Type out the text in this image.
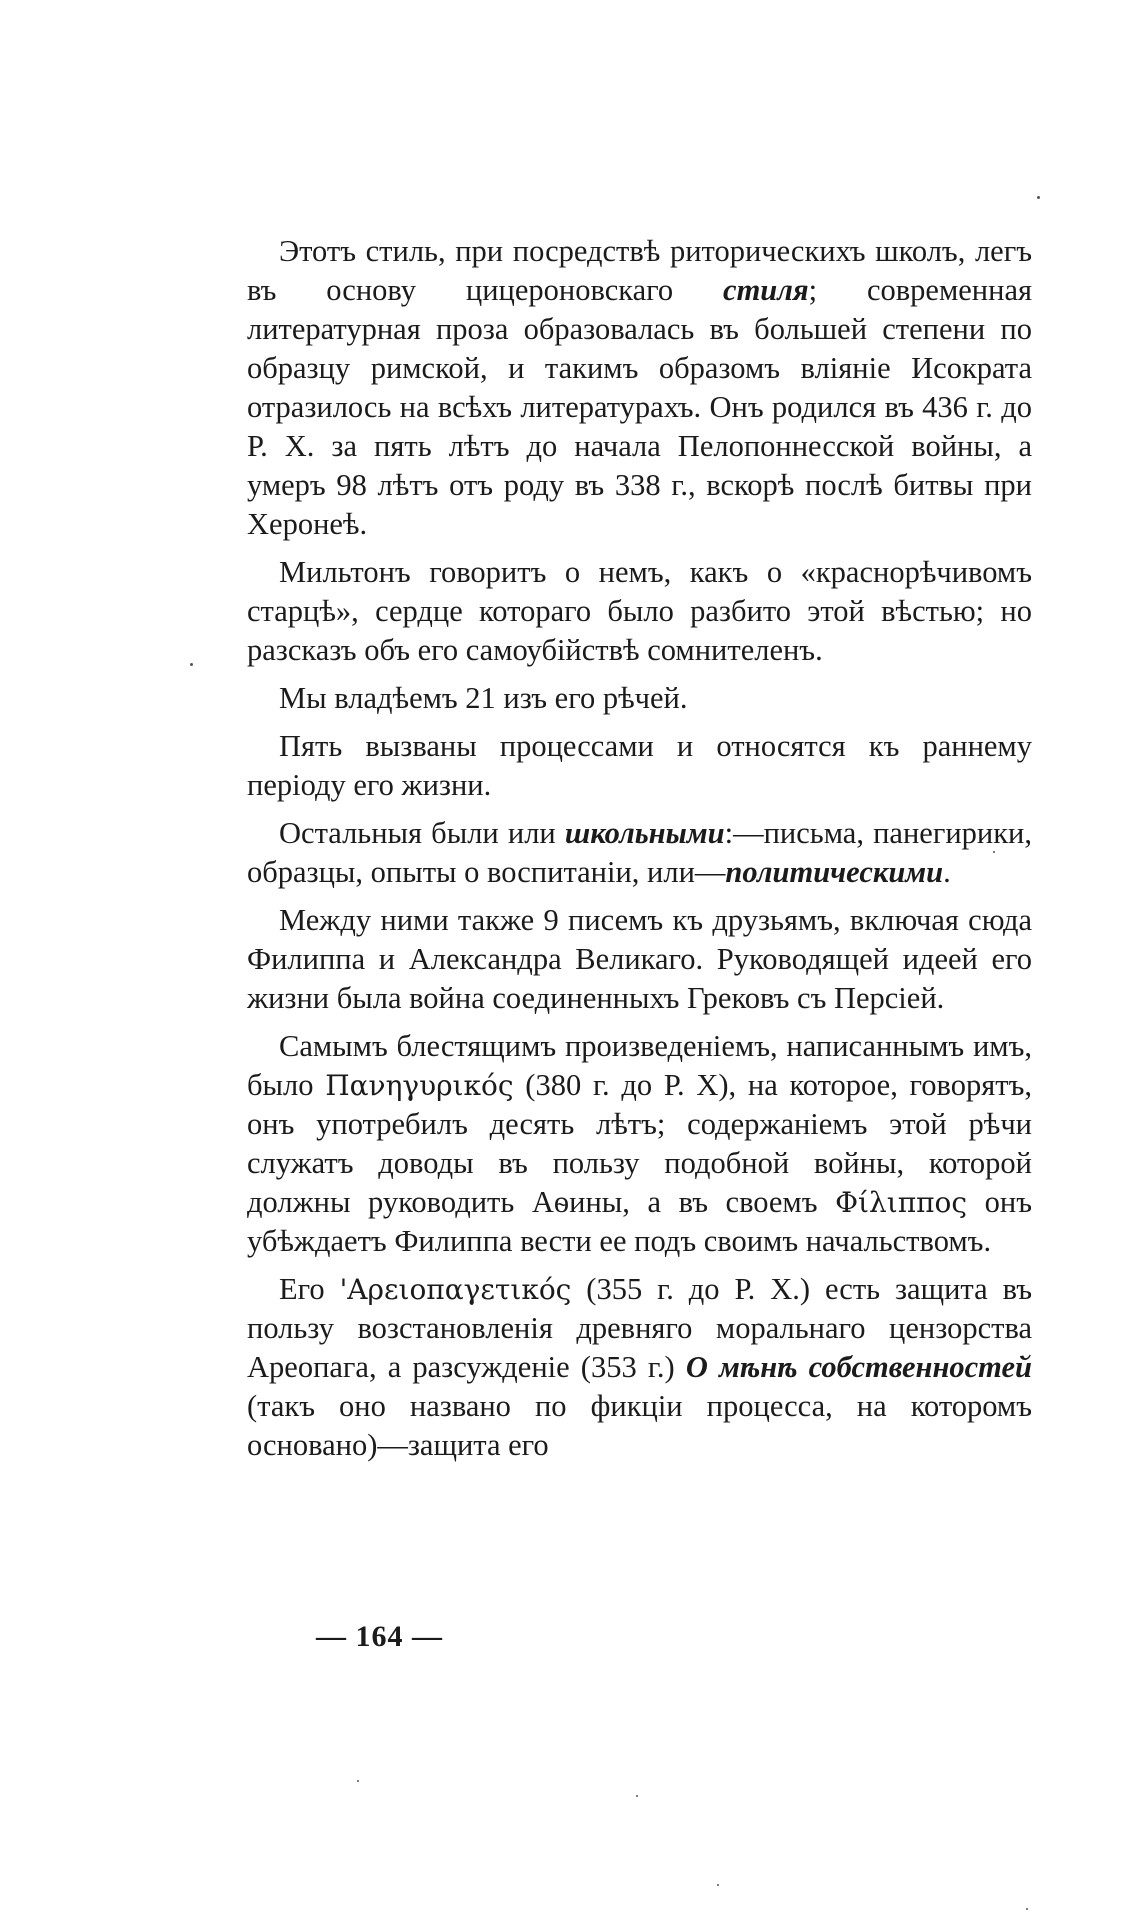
Этотъ стиль, при посредствѣ риторическихъ школъ, легъ въ основу цицероновскаго стиля; современная литературная проза образовалась въ большей степени по образцу римской, и такимъ образомъ вліяніе Исократа отразилось на всѣхъ литературахъ. Онъ родился въ 436 г. до Р. X. за пять лѣтъ до начала Пелопоннесской войны, а умеръ 98 лѣтъ отъ роду въ 338 г., вскорѣ послѣ битвы при Херонеѣ.

Мильтонъ говоритъ о немъ, какъ о «краснорѣчивомъ старцѣ», сердце котораго было разбито этой вѣстью; но разсказъ объ его самоубійствѣ сомнителенъ.

Мы владѣемъ 21 изъ его рѣчей.

Пять вызваны процессами и относятся къ раннему періоду его жизни.

Остальныя были или школьными:—письма, панегирики, образцы, опыты о воспитаніи, или—политическими.

Между ними также 9 писемъ къ друзьямъ, включая сюда Филиппа и Александра Великаго. Руководящей идеей его жизни была война соединенныхъ Грековъ съ Персіей.

Самымъ блестящимъ произведеніемъ, написаннымъ имъ, было Πανηγυρικός (380 г. до Р. X), на которое, говорятъ, онъ употребилъ десять лѣтъ; содержаніемъ этой рѣчи служатъ доводы въ пользу подобной войны, которой должны руководить Аѳины, а въ своемъ Φίλιππος онъ убѣждаетъ Филиппа вести ее подъ своимъ начальствомъ.

Его 'Αρειοπαγετικός (355 г. до Р. X.) есть защита въ пользу возстановленія древняго моральнаго цензорства Ареопага, а разсужденіе (353 г.) О мѣнѣ собственностей (такъ оно названо по фикціи процесса, на которомъ основано)—защита его

— 164 —
